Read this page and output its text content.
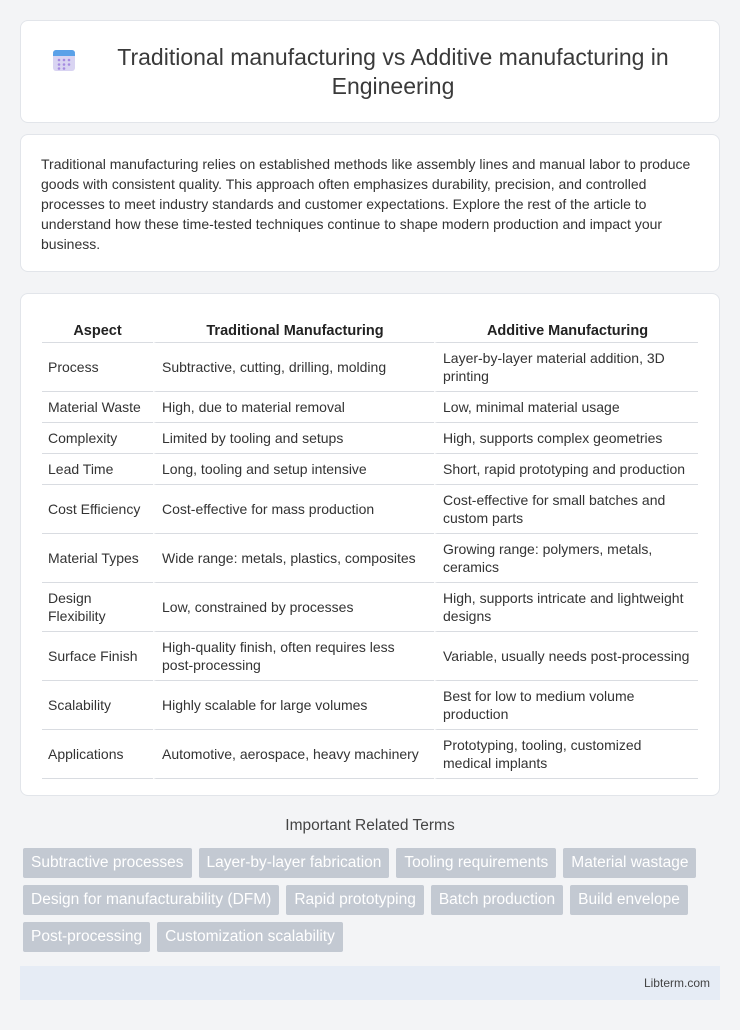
Traditional manufacturing vs Additive manufacturing in Engineering

Traditional manufacturing relies on established methods like assembly lines and manual labor to produce goods with consistent quality. This approach often emphasizes durability, precision, and controlled processes to meet industry standards and customer expectations. Explore the rest of the article to understand how these time-tested techniques continue to shape modern production and impact your business.

Aspect	Traditional Manufacturing	Additive Manufacturing
Process	Subtractive, cutting, drilling, molding	Layer-by-layer material addition, 3D printing
Material Waste	High, due to material removal	Low, minimal material usage
Complexity	Limited by tooling and setups	High, supports complex geometries
Lead Time	Long, tooling and setup intensive	Short, rapid prototyping and production
Cost Efficiency	Cost-effective for mass production	Cost-effective for small batches and custom parts
Material Types	Wide range: metals, plastics, composites	Growing range: polymers, metals, ceramics
Design Flexibility	Low, constrained by processes	High, supports intricate and lightweight designs
Surface Finish	High-quality finish, often requires less post-processing	Variable, usually needs post-processing
Scalability	Highly scalable for large volumes	Best for low to medium volume production
Applications	Automotive, aerospace, heavy machinery	Prototyping, tooling, customized medical implants
Important Related Terms
Subtractive processes	Layer-by-layer fabrication	Tooling requirements	Material wastage
Design for manufacturability (DFM)	Rapid prototyping	Batch production	Build envelope
Post-processing	Customization scalability
Libterm.com
